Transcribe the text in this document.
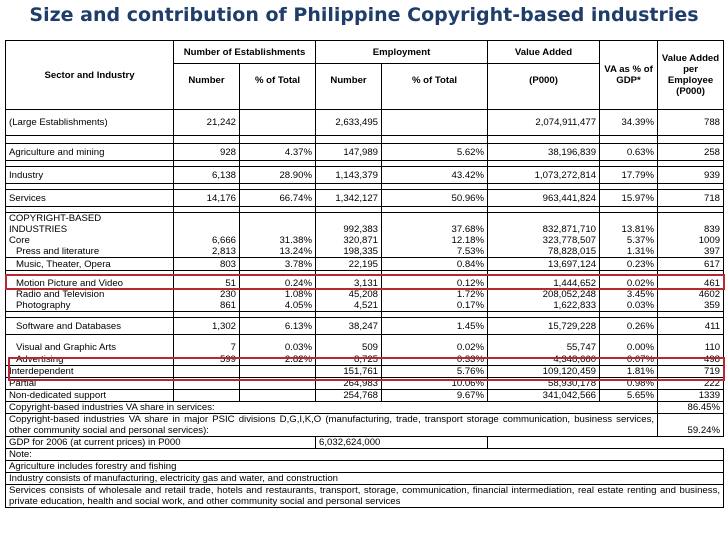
Size and contribution of Philippine Copyright-based industries
Sector and Industry	Number of Establishments		Employment		Value Added	VA as % of GDP*	Value Added per Employee (P000)
	Number	% of Total	Number	% of Total	(P000)		

(Large Establishments)	21,242		2,633,495		2,074,911,477	34.39%	788

Agriculture and mining	928	4.37%	147,989	5.62%	38,196,839	0.63%	258

Industry	6,138	28.90%	1,143,379	43.42%	1,073,272,814	17.79%	939

Services	14,176	66.74%	1,342,127	50.96%	963,441,824	15.97%	718

COPYRIGHT-BASED							
INDUSTRIES			992,383	37.68%	832,871,710	13.81%	839
Core	6,666	31.38%	320,871	12.18%	323,778,507	5.37%	1009
Press and literature	2,813	13.24%	198,335	7.53%	78,828,015	1.31%	397
Music, Theater, Opera	803	3.78%	22,195	0.84%	13,697,124	0.23%	617

Motion Picture and Video	51	0.24%	3,131	0.12%	1,444,652	0.02%	461
Radio and Television	230	1.08%	45,208	1.72%	208,052,248	3.45%	4602
Photography	861	4.05%	4,521	0.17%	1,622,833	0.03%	359

Software and Databases	1,302	6.13%	38,247	1.45%	15,729,228	0.26%	411

Visual and Graphic Arts	7	0.03%	509	0.02%	55,747	0.00%	110
Advertising	599	2.82%	8,725	0.33%	4,348,660	0.07%	498
Interdependent			151,761	5.76%	109,120,459	1.81%	719
Partial			264,983	10.06%	58,930,178	0.98%	222
Non-dedicated support			254,768	9.67%	341,042,566	5.65%	1339
Copyright-based industries VA share in services:							86.45%
Copyright-based industries VA share in major PSIC divisions D,G,I,K,O (manufacturing, trade, transport storage communication, business services, other community social and personal services):							59.24%
GDP for 2006 (at current prices) in P000			6,032,624,000				
Note:							
Agriculture includes forestry and fishing							
Industry consists of manufacturing, electricity gas and water, and construction							
Services consists of wholesale and retail trade, hotels and restaurants, transport, storage, communication, financial intermediation, real estate renting and business, private education, health and social work, and other community social and personal services							
